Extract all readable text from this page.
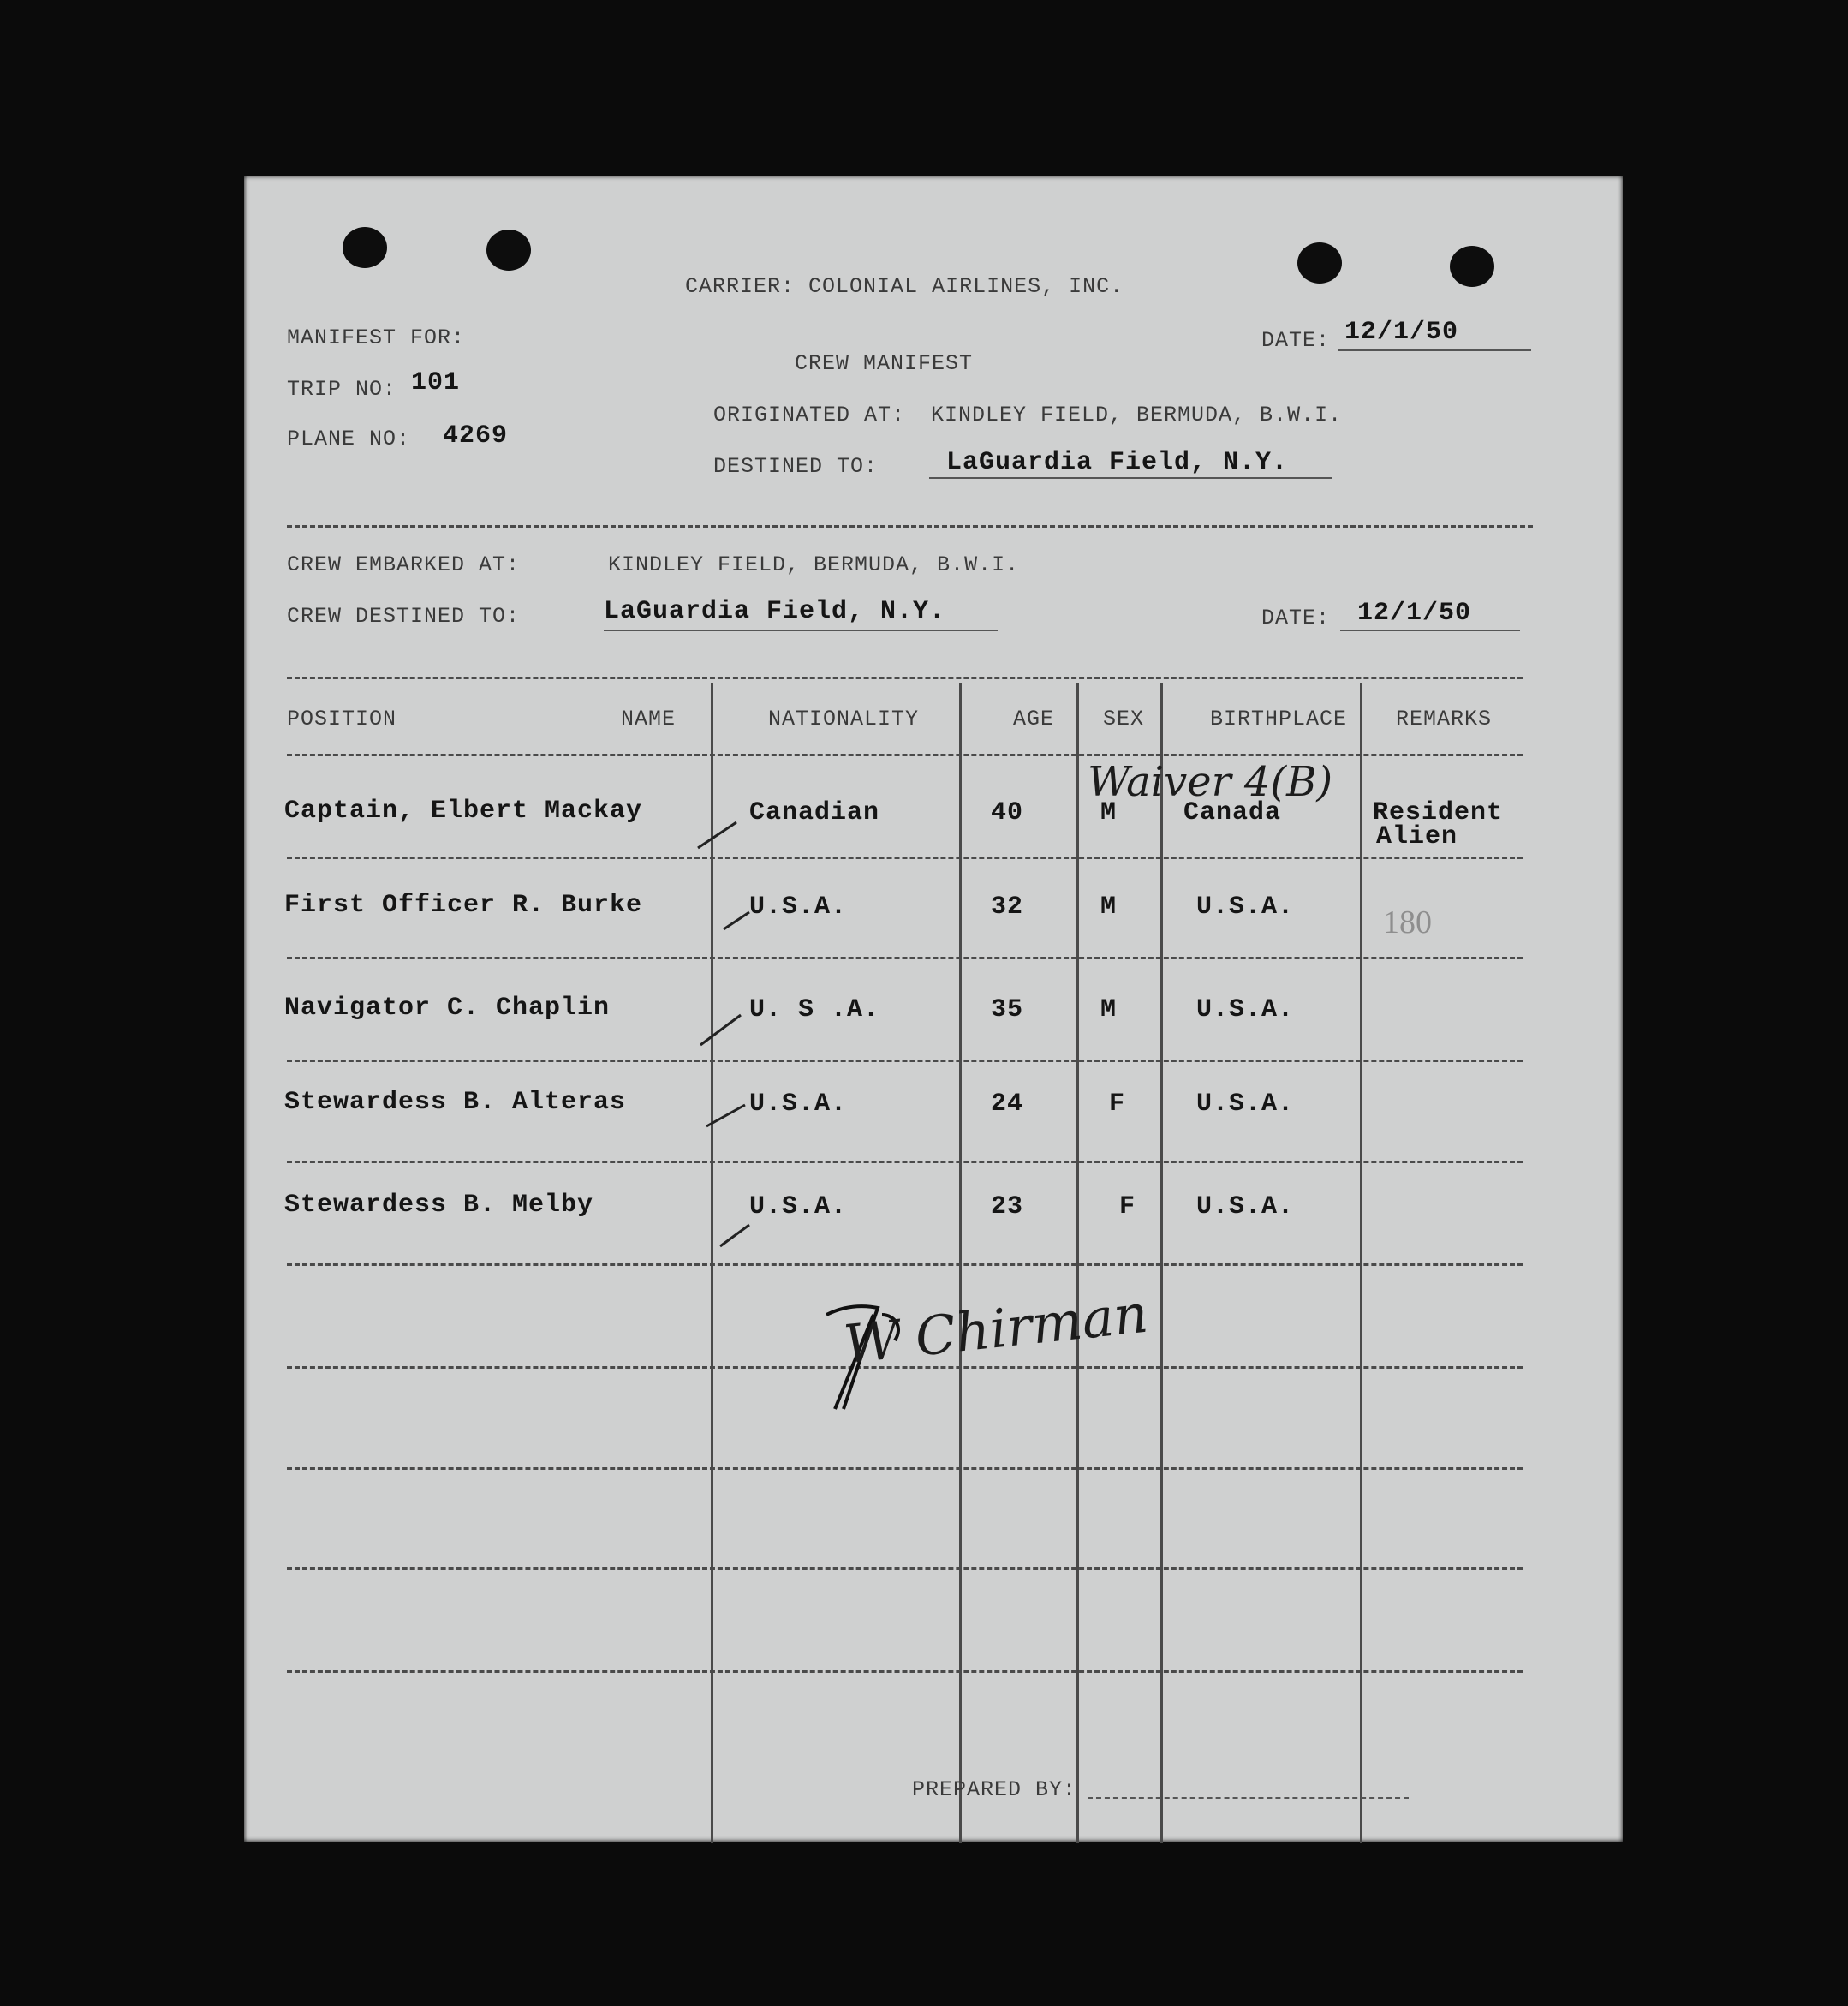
CARRIER: COLONIAL AIRLINES, INC.
MANIFEST FOR:
TRIP NO: 101
PLANE NO: 4269
CREW MANIFEST
ORIGINATED AT: KINDLEY FIELD, BERMUDA, B.W.I.
DESTINED TO:	LaGuardia Field, N.Y.
DATE: 12/1/50
CREW EMBARKED AT:	KINDLEY FIELD, BERMUDA, B.W.I.
CREW DESTINED TO:	LaGuardia Field, N.Y.	DATE: 12/1/50
POSITION	NAME	NATIONALITY	AGE SEX	BIRTHPLACE REMARKS
Captain, Elbert Mackay	Canadian	40	M	Canada	Resident
Alien
First Officer R. Burke	U.S.A.	32	M	U.S.A.
Navigator C. Chaplin	U. S .A.	35	M	U.S.A.
Stewardess B. Alteras	U.S.A.	24	F	U.S.A.
Stewardess B. Melby	U.S.A.	23	F U.S.A.
Waiver 4(B)
180
W Chirman
PREPARED BY:
